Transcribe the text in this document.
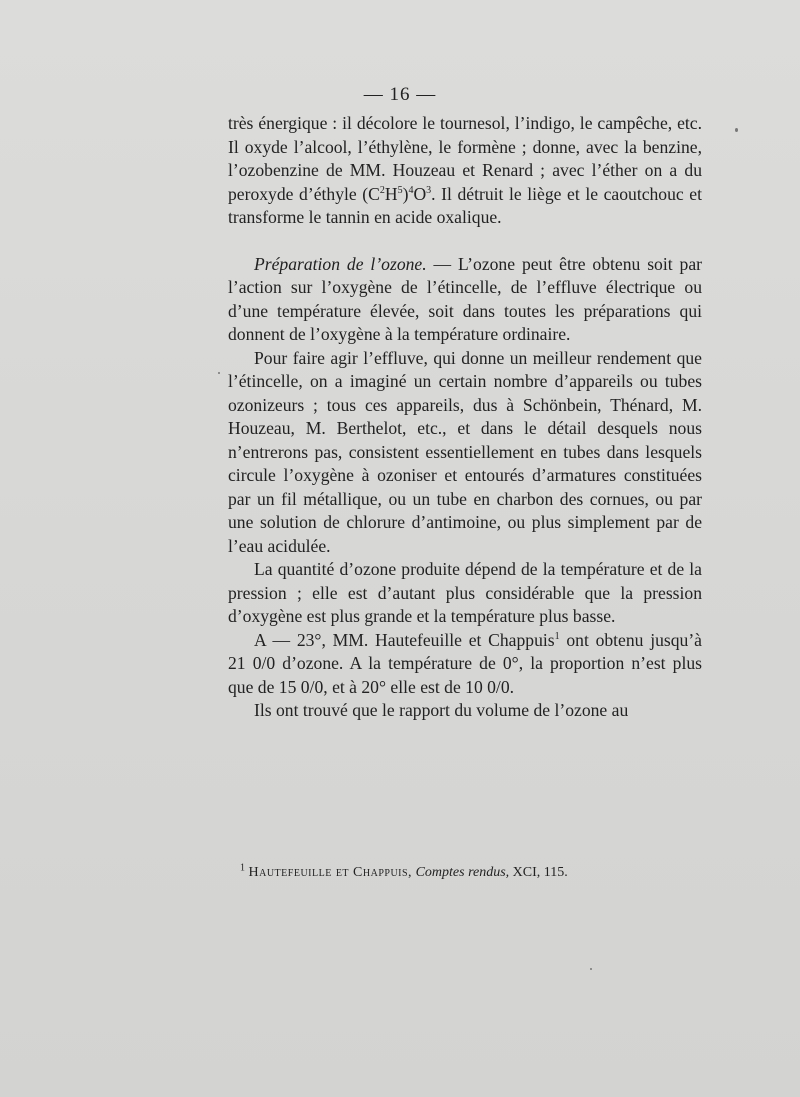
— 16 —

très énergique : il décolore le tournesol, l’indigo, le campêche, etc. Il oxyde l’alcool, l’éthylène, le formène ; donne, avec la benzine, l’ozobenzine de MM. Houzeau et Renard ; avec l’éther on a du peroxyde d’éthyle $(C^2H^5)^4O^3$. Il détruit le liège et le caoutchouc et transforme le tannin en acide oxalique.

Préparation de l’ozone. — L’ozone peut être obtenu soit par l’action sur l’oxygène de l’étincelle, de l’effluve électrique ou d’une température élevée, soit dans toutes les préparations qui donnent de l’oxygène à la température ordinaire.

Pour faire agir l’effluve, qui donne un meilleur rendement que l’étincelle, on a imaginé un certain nombre d’appareils ou tubes ozonizeurs ; tous ces appareils, dus à Schönbein, Thénard, M. Houzeau, M. Berthelot, etc., et dans le détail desquels nous n’entrerons pas, consistent essentiellement en tubes dans lesquels circule l’oxygène à ozoniser et entourés d’armatures constituées par un fil métallique, ou un tube en charbon des cornues, ou par une solution de chlorure d’antimoine, ou plus simplement par de l’eau acidulée.

La quantité d’ozone produite dépend de la température et de la pression ; elle est d’autant plus considérable que la pression d’oxygène est plus grande et la température plus basse.

A — 23°, MM. Hautefeuille et Chappuis$^1$ ont obtenu jusqu’à 21 0/0 d’ozone. A la température de 0°, la proportion n’est plus que de 15 0/0, et à 20° elle est de 10 0/0.

Ils ont trouvé que le rapport du volume de l’ozone au

$^1$ Hautefeuille et Chappuis, Comptes rendus, XCI, 115.
